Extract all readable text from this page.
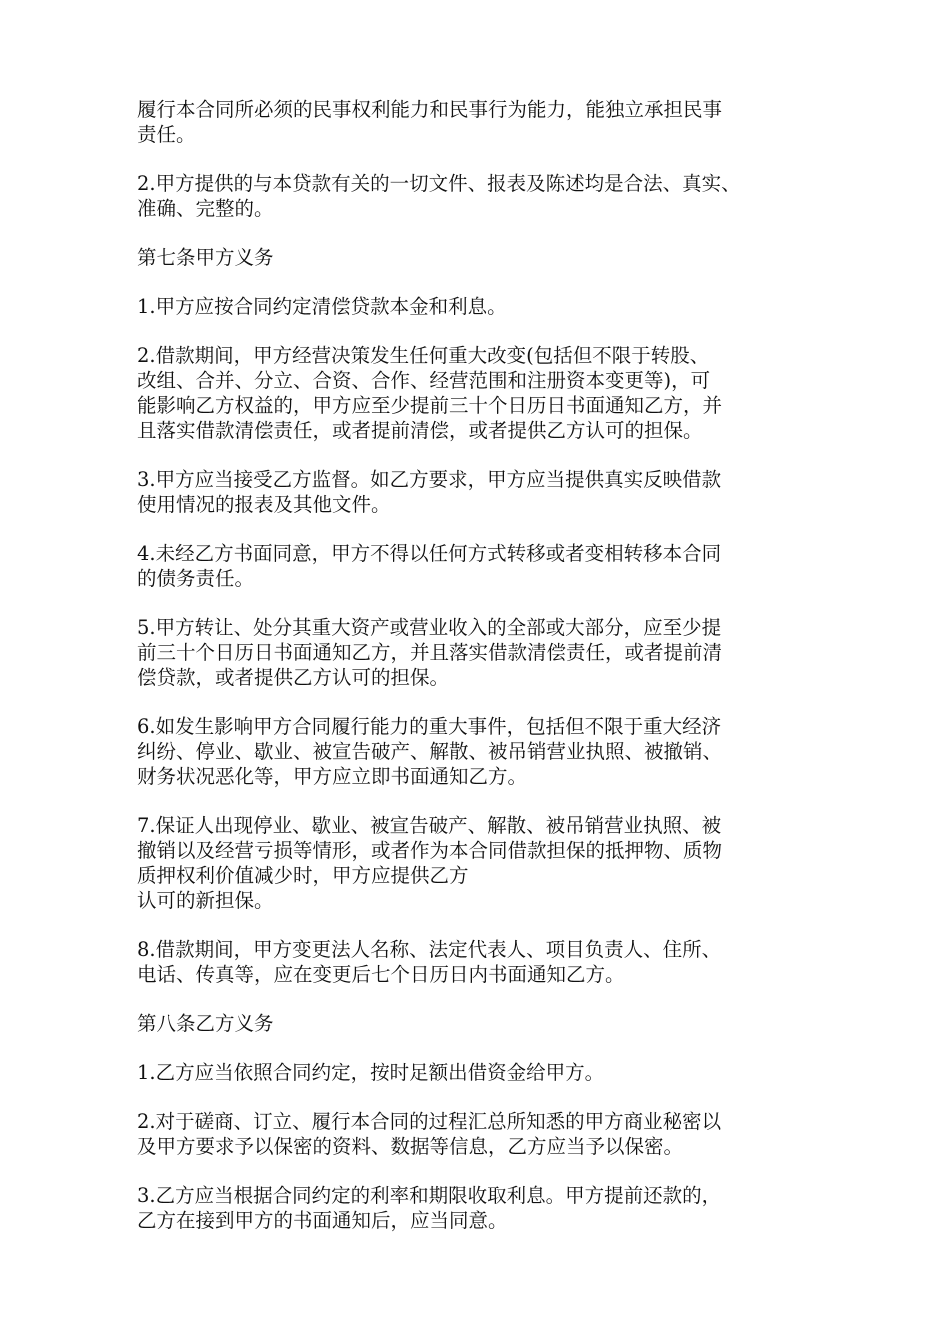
履行本合同所必须的民事权利能力和民事行为能力，能独立承担民事
责任。
2.甲方提供的与本贷款有关的一切文件、报表及陈述均是合法、真实、
准确、完整的。
第七条甲方义务
1.甲方应按合同约定清偿贷款本金和利息。
2.借款期间，甲方经营决策发生任何重大改变(包括但不限于转股、
改组、合并、分立、合资、合作、经营范围和注册资本变更等)，可
能影响乙方权益的，甲方应至少提前三十个日历日书面通知乙方，并
且落实借款清偿责任，或者提前清偿，或者提供乙方认可的担保。
3.甲方应当接受乙方监督。如乙方要求，甲方应当提供真实反映借款
使用情况的报表及其他文件。
4.未经乙方书面同意，甲方不得以任何方式转移或者变相转移本合同
的债务责任。
5.甲方转让、处分其重大资产或营业收入的全部或大部分，应至少提
前三十个日历日书面通知乙方，并且落实借款清偿责任，或者提前清
偿贷款，或者提供乙方认可的担保。
6.如发生影响甲方合同履行能力的重大事件，包括但不限于重大经济
纠纷、停业、歇业、被宣告破产、解散、被吊销营业执照、被撤销、
财务状况恶化等，甲方应立即书面通知乙方。
7.保证人出现停业、歇业、被宣告破产、解散、被吊销营业执照、被
撤销以及经营亏损等情形，或者作为本合同借款担保的抵押物、质物
质押权利价值减少时，甲方应提供乙方
认可的新担保。
8.借款期间，甲方变更法人名称、法定代表人、项目负责人、住所、
电话、传真等，应在变更后七个日历日内书面通知乙方。
第八条乙方义务
1.乙方应当依照合同约定，按时足额出借资金给甲方。
2.对于磋商、订立、履行本合同的过程汇总所知悉的甲方商业秘密以
及甲方要求予以保密的资料、数据等信息，乙方应当予以保密。
3.乙方应当根据合同约定的利率和期限收取利息。甲方提前还款的，
乙方在接到甲方的书面通知后，应当同意。
